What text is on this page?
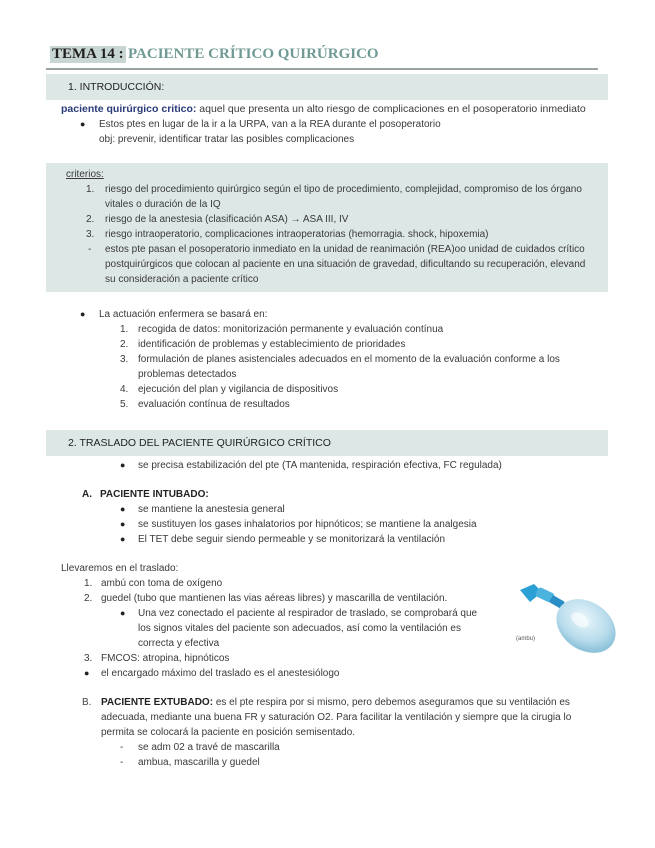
TEMA 14 : PACIENTE CRÍTICO QUIRÚRGICO
1. INTRODUCCIÓN:
paciente quirúrgico critico: aquel que presenta un alto riesgo de complicaciones en el posoperatorio inmediato
● Estos ptes en lugar de la ir a la URPA, van a la REA durante el posoperatorio
obj: prevenir, identificar tratar las posibles complicaciones
criterios:
1. riesgo del procedimiento quirúrgico según el tipo de procedimiento, complejidad, compromiso de los órgano
vitales o duración de la IQ
2. riesgo de la anestesia (clasificación ASA) → ASA III, IV
3. riesgo intraoperatorio, complicaciones intraoperatorias (hemorragia. shock, hipoxemia)
- estos pte pasan el posoperatorio inmediato en la unidad de reanimación (REA)oo unidad de cuidados crítico
postquirúrgicos que colocan al paciente en una situación de gravedad, dificultando su recuperación, elevand
su consideración a paciente crítico
● La actuación enfermera se basará en:
1. recogida de datos: monitorización permanente y evaluación contínua
2. identificación de problemas y establecimiento de prioridades
3. formulación de planes asistenciales adecuados en el momento de la evaluación conforme a los
problemas detectados
4. ejecución del plan y vigilancia de dispositivos
5. evaluación contínua de resultados
2. TRASLADO DEL PACIENTE QUIRÚRGICO CRÍTICO
● se precisa estabilización del pte (TA mantenida, respiración efectiva, FC regulada)
A. PACIENTE INTUBADO:
● se mantiene la anestesia general
● se sustituyen los gases inhalatorios por hipnóticos; se mantiene la analgesia
● El TET debe seguir siendo permeable y se monitorizará la ventilación
Llevaremos en el traslado:
1. ambú con toma de oxígeno
2. guedel (tubo que mantienen las vias aéreas libres) y mascarilla de ventilación.
● Una vez conectado el paciente al respirador de traslado, se comprobará que
los signos vitales del paciente son adecuados, así como la ventilación es
correcta y efectiva
3. FMCOS: atropina, hipnóticos
● el encargado máximo del traslado es el anestesiólogo
(ambu)
B. PACIENTE EXTUBADO: es el pte respira por si mismo, pero debemos aseguramos que su ventilación es
adecuada, mediante una buena FR y saturación O2. Para facilitar la ventilación y siempre que la cirugia lo
permita se colocará la paciente en posición semisentado.
- se adm 02 a travé de mascarilla
- ambua, mascarilla y guedel
